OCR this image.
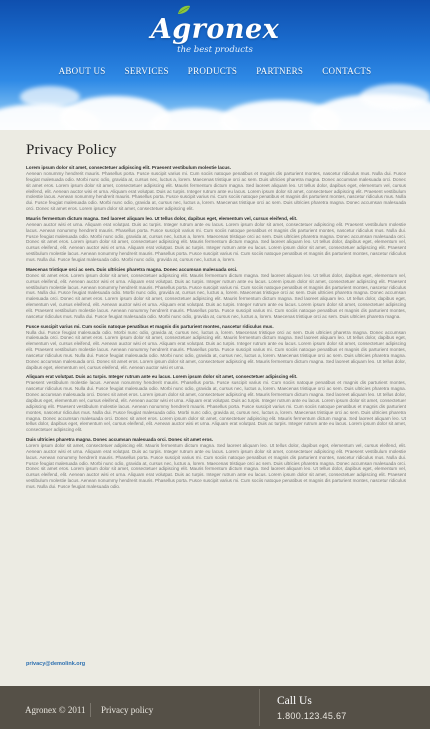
Agronex
the best products
ABOUT US SERVICES PRODUCTS PARTNERS CONTACTS
Privacy Policy
Lorem ipsum dolor sit amet, consectetuer adipiscing elit. Praesent vestibulum molestie lacus.
Aenean nonummy hendrerit mauris. Phasellus porta. Fusce suscipit varius mi. Cum sociis natoque penatibus et magnis dis parturient montes, nascetur ridiculus mus. Nulla dui. Fusce feugiat malesuada odio. Morbi nunc odio, gravida at, cursus nec, luctus a, lorem. Maecenas tristique orci ac sem. Duis ultricies pharetra magna. Donec accumsan malesuada orci. Donec sit amet eros. Lorem ipsum dolor sit amet, consectetuer adipiscing elit. Mauris fermentum dictum magna. Sed laoreet aliquam leo. Ut tellus dolor, dapibus eget, elementum vel, cursus eleifend, elit. Aenean auctor wisi et urna. Aliquam erat volutpat. Duis ac turpis. Integer rutrum ante eu lacus. Lorem ipsum dolor sit amet, consectetuer adipiscing elit. Praesent vestibulum molestie lacus. Aenean nonummy hendrerit mauris. Phasellus porta. Fusce suscipit varius mi. Cum sociis natoque penatibus et magnis dis parturient montes, nascetur ridiculus mus. Nulla dui. Fusce feugiat malesuada odio. Morbi nunc odio, gravida at, cursus nec, luctus a, lorem. Maecenas tristique orci ac sem. Duis ultricies pharetra magna. Donec accumsan malesuada orci. Donec sit amet eros. Lorem ipsum dolor sit amet, consectetuer adipiscing elit.
Mauris fermentum dictum magna. Sed laoreet aliquam leo. Ut tellus dolor, dapibus eget, elementum vel, cursus eleifend, elit.
Aenean auctor wisi et urna. Aliquam erat volutpat. Duis ac turpis. Integer rutrum ante eu lacus. Lorem ipsum dolor sit amet, consectetuer adipiscing elit. Praesent vestibulum molestie lacus. Aenean nonummy hendrerit mauris. Phasellus porta. Fusce suscipit varius mi. Cum sociis natoque penatibus et magnis dis parturient montes, nascetur ridiculus mus. Nulla dui. Fusce feugiat malesuada odio. Morbi nunc odio, gravida at, cursus nec, luctus a, lorem. Maecenas tristique orci ac sem. Duis ultricies pharetra magna. Donec accumsan malesuada orci. Donec sit amet eros. Lorem ipsum dolor sit amet, consectetuer adipiscing elit. Mauris fermentum dictum magna. Sed laoreet aliquam leo. Ut tellus dolor, dapibus eget, elementum vel, cursus eleifend, elit. Aenean auctor wisi et urna. Aliquam erat volutpat. Duis ac turpis. Integer rutrum ante eu lacus. Lorem ipsum dolor sit amet, consectetuer adipiscing elit. Praesent vestibulum molestie lacus. Aenean nonummy hendrerit mauris. Phasellus porta. Fusce suscipit varius mi. Cum sociis natoque penatibus et magnis dis parturient montes, nascetur ridiculus mus. Nulla dui. Fusce feugiat malesuada odio. Morbi nunc odio, gravida at, cursus nec, luctus a, lorem.
Maecenas tristique orci ac sem. Duis ultricies pharetra magna. Donec accumsan malesuada orci.
Donec sit amet eros. Lorem ipsum dolor sit amet, consectetuer adipiscing elit. Mauris fermentum dictum magna. Sed laoreet aliquam leo. Ut tellus dolor, dapibus eget, elementum vel, cursus eleifend, elit. Aenean auctor wisi et urna. Aliquam erat volutpat. Duis ac turpis. Integer rutrum ante eu lacus. Lorem ipsum dolor sit amet, consectetuer adipiscing elit. Praesent vestibulum molestie lacus. Aenean nonummy hendrerit mauris. Phasellus porta. Fusce suscipit varius mi. Cum sociis natoque penatibus et magnis dis parturient montes, nascetur ridiculus mus. Nulla dui. Fusce feugiat malesuada odio. Morbi nunc odio, gravida at, cursus nec, luctus a, lorem. Maecenas tristique orci ac sem. Duis ultricies pharetra magna. Donec accumsan malesuada orci. Donec sit amet eros. Lorem ipsum dolor sit amet, consectetuer adipiscing elit. Mauris fermentum dictum magna. Sed laoreet aliquam leo. Ut tellus dolor, dapibus eget, elementum vel, cursus eleifend, elit. Aenean auctor wisi et urna. Aliquam erat volutpat. Duis ac turpis. Integer rutrum ante eu lacus. Lorem ipsum dolor sit amet, consectetuer adipiscing elit. Praesent vestibulum molestie lacus. Aenean nonummy hendrerit mauris. Phasellus porta. Fusce suscipit varius mi. Cum sociis natoque penatibus et magnis dis parturient montes, nascetur ridiculus mus. Nulla dui. Fusce feugiat malesuada odio. Morbi nunc odio, gravida at, cursus nec, luctus a, lorem. Maecenas tristique orci ac sem. Duis ultricies pharetra magna.
Fusce suscipit varius mi. Cum sociis natoque penatibus et magnis dis parturient montes, nascetur ridiculus mus.
Nulla dui. Fusce feugiat malesuada odio. Morbi nunc odio, gravida at, cursus nec, luctus a, lorem. Maecenas tristique orci ac sem. Duis ultricies pharetra magna. Donec accumsan malesuada orci. Donec sit amet eros. Lorem ipsum dolor sit amet, consectetuer adipiscing elit. Mauris fermentum dictum magna. Sed laoreet aliquam leo. Ut tellus dolor, dapibus eget, elementum vel, cursus eleifend, elit. Aenean auctor wisi et urna. Aliquam erat volutpat. Duis ac turpis. Integer rutrum ante eu lacus. Lorem ipsum dolor sit amet, consectetuer adipiscing elit. Praesent vestibulum molestie lacus. Aenean nonummy hendrerit mauris. Phasellus porta. Fusce suscipit varius mi. Cum sociis natoque penatibus et magnis dis parturient montes, nascetur ridiculus mus. Nulla dui. Fusce feugiat malesuada odio. Morbi nunc odio, gravida at, cursus nec, luctus a, lorem. Maecenas tristique orci ac sem. Duis ultricies pharetra magna. Donec accumsan malesuada orci. Donec sit amet eros. Lorem ipsum dolor sit amet, consectetuer adipiscing elit. Mauris fermentum dictum magna. Sed laoreet aliquam leo. Ut tellus dolor, dapibus eget, elementum vel, cursus eleifend, elit. Aenean auctor wisi et urna.
Aliquam erat volutpat. Duis ac turpis. Integer rutrum ante eu lacus. Lorem ipsum dolor sit amet, consectetuer adipiscing elit.
Praesent vestibulum molestie lacus. Aenean nonummy hendrerit mauris. Phasellus porta. Fusce suscipit varius mi. Cum sociis natoque penatibus et magnis dis parturient montes, nascetur ridiculus mus. Nulla dui. Fusce feugiat malesuada odio. Morbi nunc odio, gravida at, cursus nec, luctus a, lorem. Maecenas tristique orci ac sem. Duis ultricies pharetra magna. Donec accumsan malesuada orci. Donec sit amet eros. Lorem ipsum dolor sit amet, consectetuer adipiscing elit. Mauris fermentum dictum magna. Sed laoreet aliquam leo. Ut tellus dolor, dapibus eget, elementum vel, cursus eleifend, elit. Aenean auctor wisi et urna. Aliquam erat volutpat. Duis ac turpis. Integer rutrum ante eu lacus. Lorem ipsum dolor sit amet, consectetuer adipiscing elit. Praesent vestibulum molestie lacus. Aenean nonummy hendrerit mauris. Phasellus porta. Fusce suscipit varius mi. Cum sociis natoque penatibus et magnis dis parturient montes, nascetur ridiculus mus. Nulla dui. Fusce feugiat malesuada odio. Morbi nunc odio, gravida at, cursus nec, luctus a, lorem. Maecenas tristique orci ac sem. Duis ultricies pharetra magna. Donec accumsan malesuada orci. Donec sit amet eros. Lorem ipsum dolor sit amet, consectetuer adipiscing elit. Mauris fermentum dictum magna. Sed laoreet aliquam leo. Ut tellus dolor, dapibus eget, elementum vel, cursus eleifend, elit. Aenean auctor wisi et urna. Aliquam erat volutpat. Duis ac turpis. Integer rutrum ante eu lacus. Lorem ipsum dolor sit amet, consectetuer adipiscing elit.
Duis ultricies pharetra magna. Donec accumsan malesuada orci. Donec sit amet eros.
Lorem ipsum dolor sit amet, consectetuer adipiscing elit. Mauris fermentum dictum magna. Sed laoreet aliquam leo. Ut tellus dolor, dapibus eget, elementum vel, cursus eleifend, elit. Aenean auctor wisi et urna. Aliquam erat volutpat. Duis ac turpis. Integer rutrum ante eu lacus. Lorem ipsum dolor sit amet, consectetuer adipiscing elit. Praesent vestibulum molestie lacus. Aenean nonummy hendrerit mauris. Phasellus porta. Fusce suscipit varius mi. Cum sociis natoque penatibus et magnis dis parturient montes, nascetur ridiculus mus. Nulla dui. Fusce feugiat malesuada odio. Morbi nunc odio, gravida at, cursus nec, luctus a, lorem. Maecenas tristique orci ac sem. Duis ultricies pharetra magna. Donec accumsan malesuada orci. Donec sit amet eros. Lorem ipsum dolor sit amet, consectetuer adipiscing elit. Mauris fermentum dictum magna. Sed laoreet aliquam leo. Ut tellus dolor, dapibus eget, elementum vel, cursus eleifend, elit. Aenean auctor wisi et urna. Aliquam erat volutpat. Duis ac turpis. Integer rutrum ante eu lacus. Lorem ipsum dolor sit amet, consectetuer adipiscing elit. Praesent vestibulum molestie lacus. Aenean nonummy hendrerit mauris. Phasellus porta. Fusce suscipit varius mi. Cum sociis natoque penatibus et magnis dis parturient montes, nascetur ridiculus mus. Nulla dui. Fusce feugiat malesuada odio.
privacy@demolink.org
Agronex © 2011 Privacy policy
Call Us
1.800.123.45.67
